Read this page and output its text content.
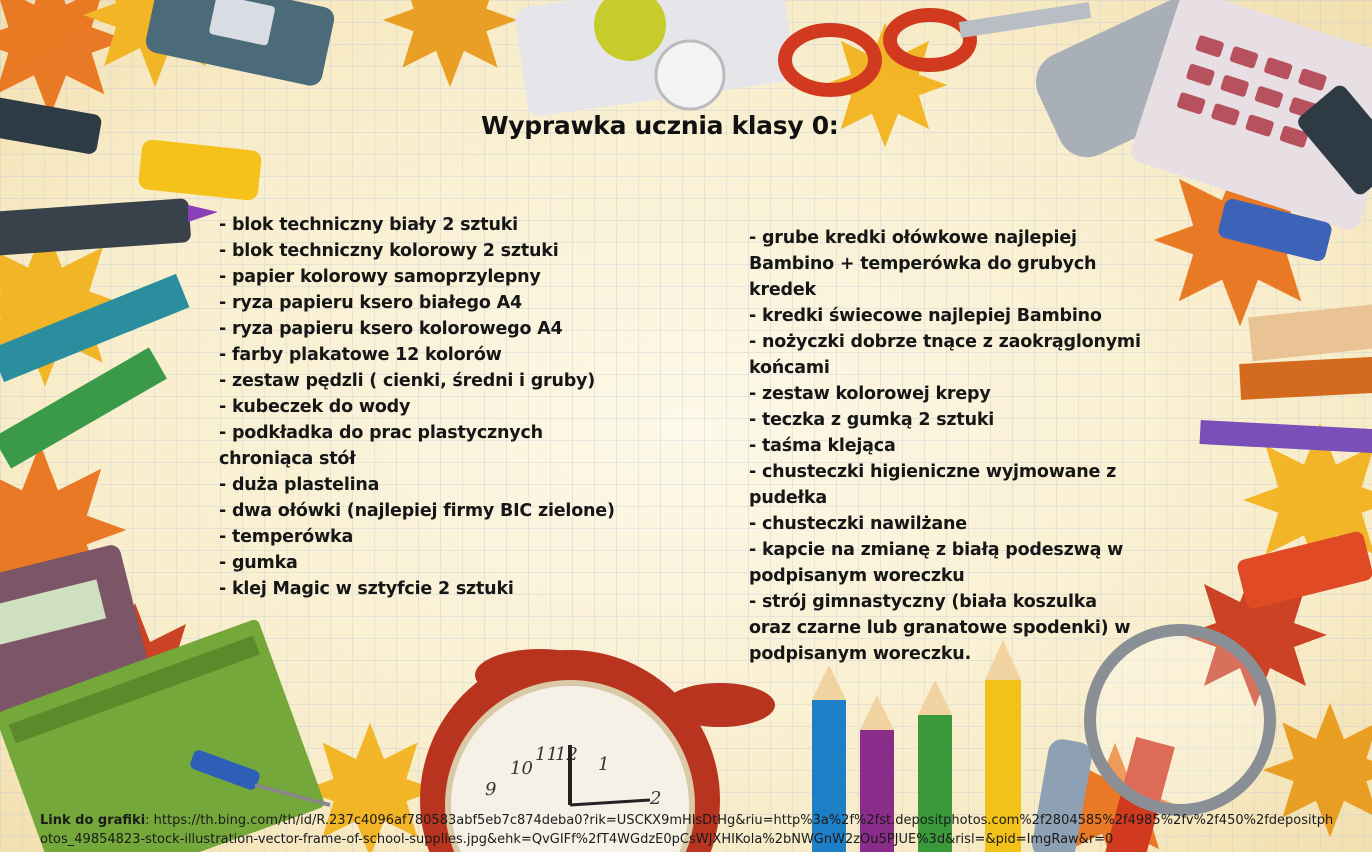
12 1
10
11
9	2
Wyprawka ucznia klasy 0:
- blok techniczny biały 2 sztuki
- blok techniczny kolorowy 2 sztuki
- papier kolorowy samoprzylepny
- ryza papieru ksero białego A4
- ryza papieru ksero kolorowego A4
- farby plakatowe 12 kolorów
- zestaw pędzli ( cienki, średni i gruby)
- kubeczek do wody
- podkładka do prac plastycznych chroniąca stół
- duża plastelina
- dwa ołówki (najlepiej firmy BIC zielone)
- temperówka
- gumka
- klej Magic w sztyfcie 2 sztuki
- grube kredki ołówkowe najlepiej Bambino + temperówka do grubych kredek
- kredki świecowe najlepiej Bambino
- nożyczki dobrze tnące z zaokrąglonymi końcami
- zestaw kolorowej krepy
- teczka z gumką 2 sztuki
- taśma klejąca
- chusteczki higieniczne wyjmowane z pudełka
- chusteczki nawilżane
- kapcie na zmianę z białą podeszwą w podpisanym woreczku
- strój gimnastyczny (biała koszulka oraz czarne lub granatowe spodenki) w podpisanym woreczku.
Link do grafiki: https://th.bing.com/th/id/R.237c4096af780583abf5eb7c874deba0?rik=USCKX9mHlsDtHg&riu=http%3a%2f%2fst.depositphotos.com%2f2804585%2f4985%2fv%2f450%2fdepositphotos_49854823-stock-illustration-vector-frame-of-school-supplies.jpg&ehk=QvGIFf%2fT4WGdzE0pCsWJXHIKola%2bNWGnW2zOu5PJUE%3d&risl=&pid=ImgRaw&r=0
